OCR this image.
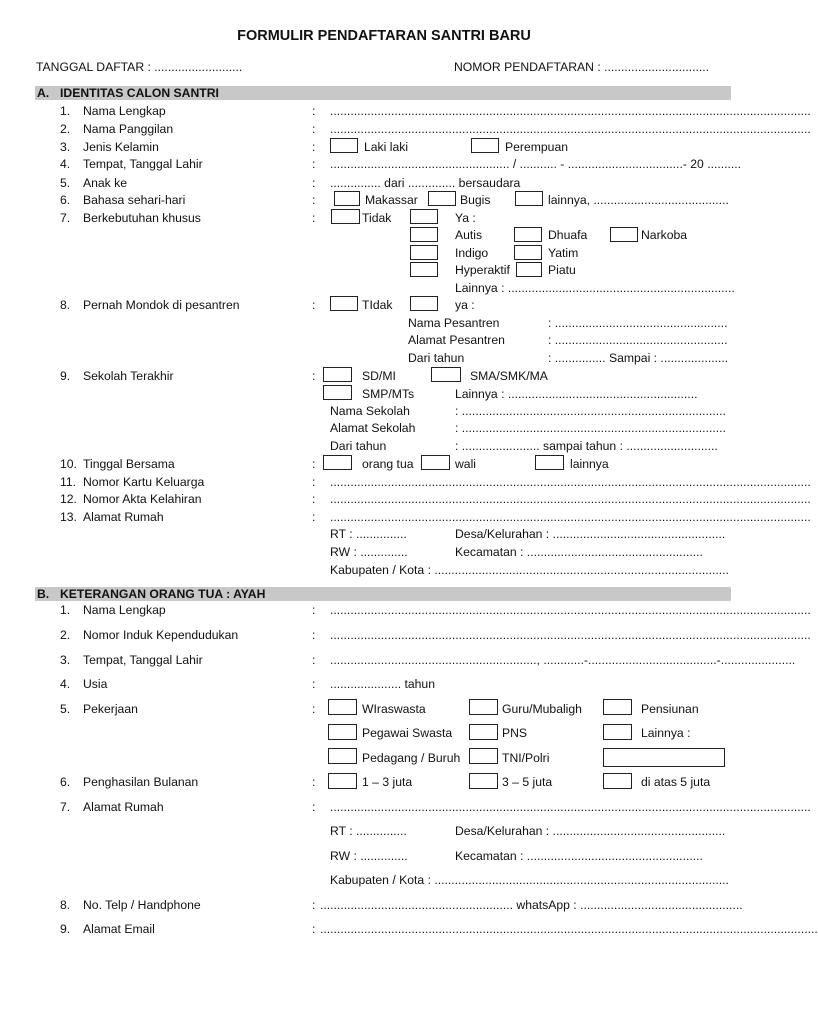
FORMULIR PENDAFTARAN SANTRI BARU
TANGGAL DAFTAR : ..........................	NOMOR PENDAFTARAN : ...............................
A. IDENTITAS CALON SANTRI
1. Nama Lengkap	: ..............................................................................................................................................
2. Nama Panggilan	: ..............................................................................................................................................
3. Jenis Kelamin	:	Laki laki	Perempuan
4. Tempat, Tanggal Lahir	: ..................................................... / ........... - ..................................- 20 ..........
5. Anak ke	: ............... dari .............. bersaudara
6. Bahasa sehari-hari	:	Makassar	Bugis	lainnya, ........................................
7. Berkebutuhan khusus	:	Tidak	Ya :
Autis	Dhuafa	Narkoba
Indigo	Yatim
Hyperaktif	Piatu
Lainnya : ...................................................................
8. Pernah Mondok di pesantren	:	TIdak	ya :
Nama Pesantren	: ...................................................
Alamat Pesantren	: ...................................................
Dari tahun	: ............... Sampai : ....................
9. Sekolah Terakhir	:	SD/MI	SMA/SMK/MA
SMP/MTs	Lainnya : ........................................................
Nama Sekolah	: ..............................................................................
Alamat Sekolah	: ..............................................................................
Dari tahun	: ....................... sampai tahun : ...........................
10. Tinggal Bersama	:	orang tua	wali	lainnya
11. Nomor Kartu Keluarga	: ..............................................................................................................................................
12. Nomor Akta Kelahiran	: ..............................................................................................................................................
13. Alamat Rumah	: ..............................................................................................................................................
RT : ...............	Desa/Kelurahan : ...................................................
RW : ..............	Kecamatan : ....................................................
Kabupaten / Kota : .......................................................................................
B. KETERANGAN ORANG TUA : AYAH
1. Nama Lengkap	: ..............................................................................................................................................
2. Nomor Induk Kependudukan	: ..............................................................................................................................................
3. Tempat, Tanggal Lahir	: ............................................................., ............-......................................-......................
4. Usia	: ..................... tahun
5. Pekerjaan	:	WIraswasta	Guru/Mubaligh	Pensiunan
Pegawai Swasta	PNS	Lainnya :
Pedagang / Buruh	TNI/Polri
6. Penghasilan Bulanan	:	1 – 3 juta	3 – 5 juta	di atas 5 juta
7. Alamat Rumah	: ..............................................................................................................................................
RT : ...............	Desa/Kelurahan : ...................................................
RW : ..............	Kecamatan : ....................................................
Kabupaten / Kota : .......................................................................................
8. No. Telp / Handphone	: ......................................................... whatsApp : ................................................
9. Alamat Email	: ...................................................................................................................................................
